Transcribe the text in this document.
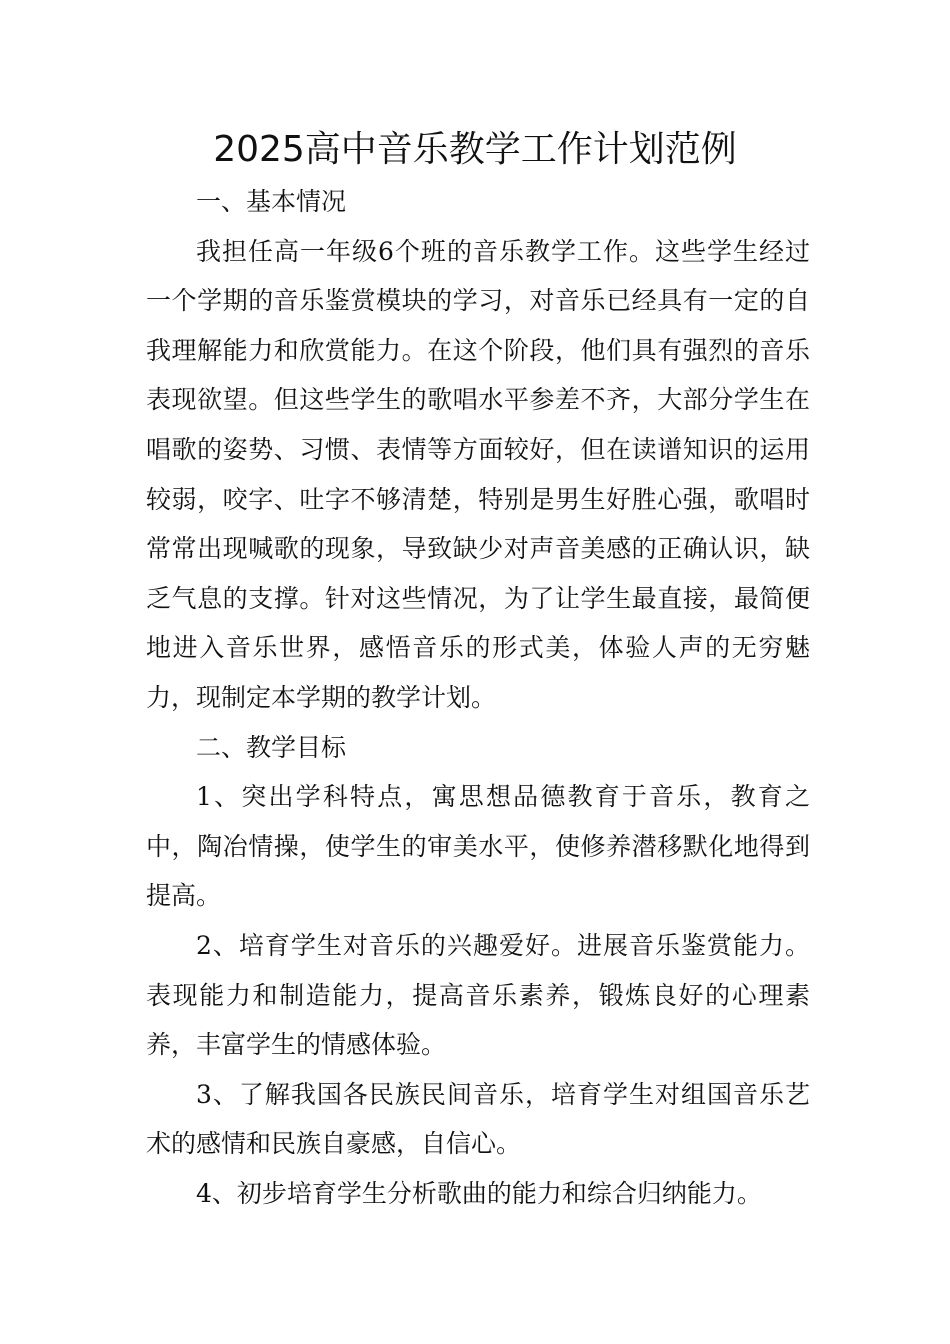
2025高中音乐教学工作计划范例

一、基本情况

我担任高一年级6个班的音乐教学工作。这些学生经过一个学期的音乐鉴赏模块的学习，对音乐已经具有一定的自我理解能力和欣赏能力。在这个阶段，他们具有强烈的音乐表现欲望。但这些学生的歌唱水平参差不齐，大部分学生在唱歌的姿势、习惯、表情等方面较好，但在读谱知识的运用较弱，咬字、吐字不够清楚，特别是男生好胜心强，歌唱时常常出现喊歌的现象，导致缺少对声音美感的正确认识，缺乏气息的支撑。针对这些情况，为了让学生最直接，最简便地进入音乐世界，感悟音乐的形式美，体验人声的无穷魅力，现制定本学期的教学计划。

二、教学目标

1、突出学科特点，寓思想品德教育于音乐，教育之中，陶冶情操，使学生的审美水平，使修养潜移默化地得到提高。

2、培育学生对音乐的兴趣爱好。进展音乐鉴赏能力。表现能力和制造能力，提高音乐素养，锻炼良好的心理素养，丰富学生的情感体验。

3、了解我国各民族民间音乐，培育学生对组国音乐艺术的感情和民族自豪感，自信心。

4、初步培育学生分析歌曲的能力和综合归纳能力。
